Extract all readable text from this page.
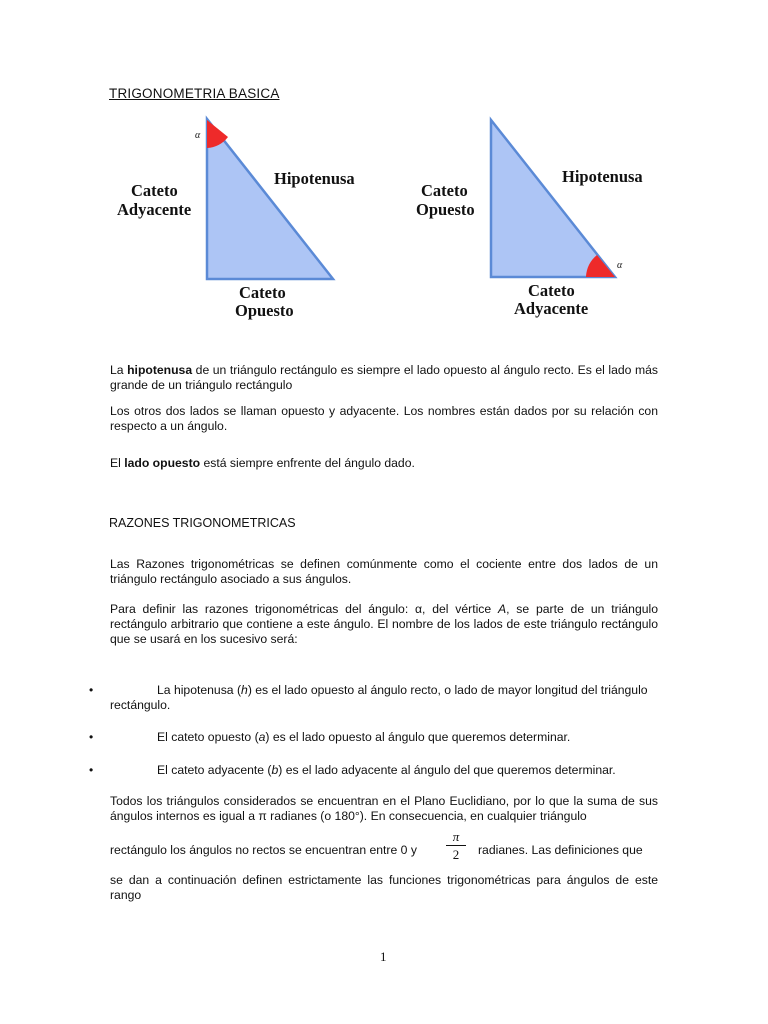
TRIGONOMETRIA BASICA
α
Cateto
Adyacente
Hipotenusa
Cateto
Opuesto
α
Cateto
Opuesto
Hipotenusa
Cateto
Adyacente
La hipotenusa de un triángulo rectángulo es siempre el lado opuesto al ángulo recto. Es el lado más grande de un triángulo rectángulo
Los otros dos lados se llaman opuesto y adyacente. Los nombres están dados por su relación con respecto a un ángulo.
El lado opuesto está siempre enfrente del ángulo dado.
RAZONES TRIGONOMETRICAS
Las Razones trigonométricas se definen comúnmente como el cociente entre dos lados de un triángulo rectángulo asociado a sus ángulos.
Para definir las razones trigonométricas del ángulo: α, del vértice A, se parte de un triángulo rectángulo arbitrario que contiene a este ángulo. El nombre de los lados de este triángulo rectángulo que se usará en los sucesivo será:
•	La hipotenusa (h) es el lado opuesto al ángulo recto, o lado de mayor longitud del triángulo rectángulo.
•	El cateto opuesto (a) es el lado opuesto al ángulo que queremos determinar.
•	El cateto adyacente (b) es el lado adyacente al ángulo del que queremos determinar.
Todos los triángulos considerados se encuentran en el Plano Euclidiano, por lo que la suma de sus ángulos internos es igual a π radianes (o 180°). En consecuencia, en cualquier triángulo
rectángulo los ángulos no rectos se encuentran entre 0 y
π
2	radianes. Las definiciones que
se dan a continuación definen estrictamente las funciones trigonométricas para ángulos de este rango
1
